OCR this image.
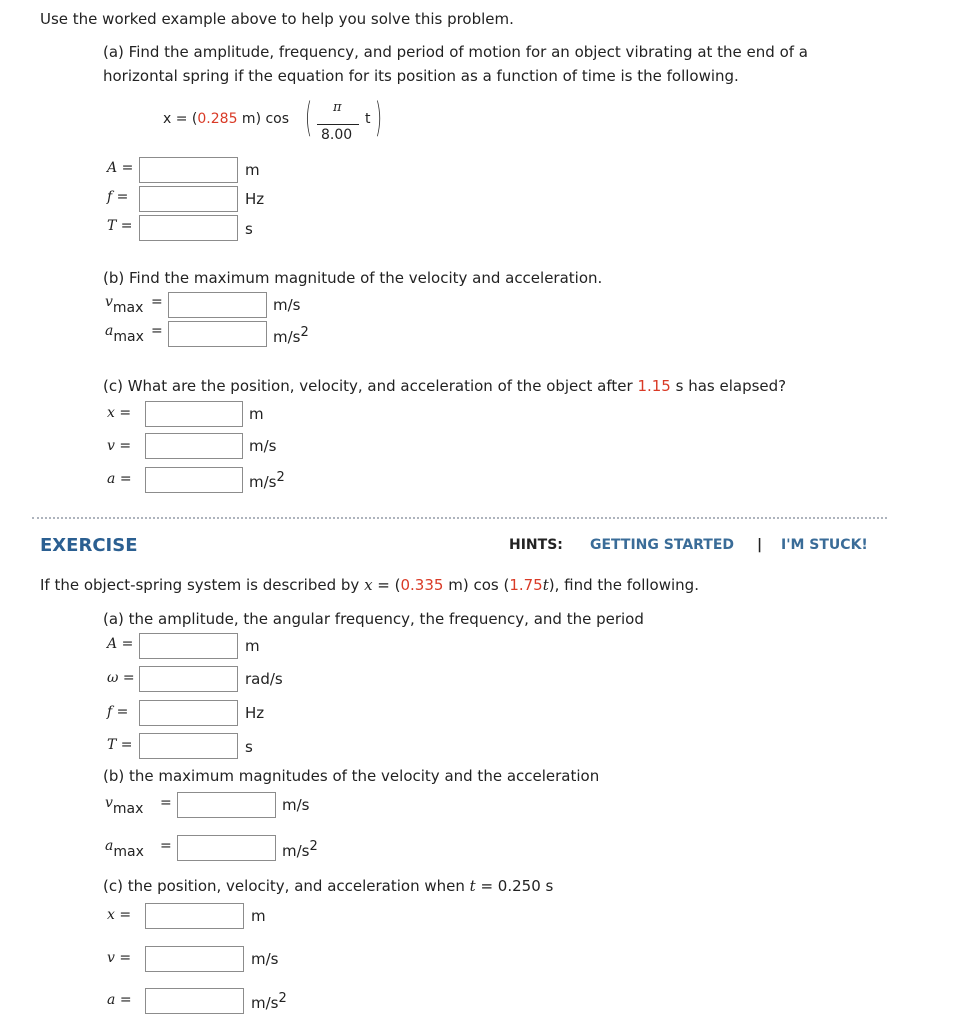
Use the worked example above to help you solve this problem.
(a) Find the amplitude, frequency, and period of motion for an object vibrating at the end of a
horizontal spring if the equation for its position as a function of time is the following.
x = (0.285 m) cos ( π
8.00
t )
A =	m
f =	Hz
T =	s
(b) Find the maximum magnitude of the velocity and acceleration.
vmax =	m/s
amax =	$m/s^2$
(c) What are the position, velocity, and acceleration of the object after 1.15 s has elapsed?
x =	m
v =	m/s
a =	$m/s^2$
EXERCISE	HINTS: GETTING STARTED | I'M STUCK!
If the object-spring system is described by x = (0.335 m) cos (1.75t), find the following.
(a) the amplitude, the angular frequency, the frequency, and the period
A =	m
ω =	rad/s
f =	Hz
T =	s
(b) the maximum magnitudes of the velocity and the acceleration
vmax =	m/s
amax =	$m/s^2$
(c) the position, velocity, and acceleration when t = 0.250 s
x =	m
v =	m/s
a =	$m/s^2$
